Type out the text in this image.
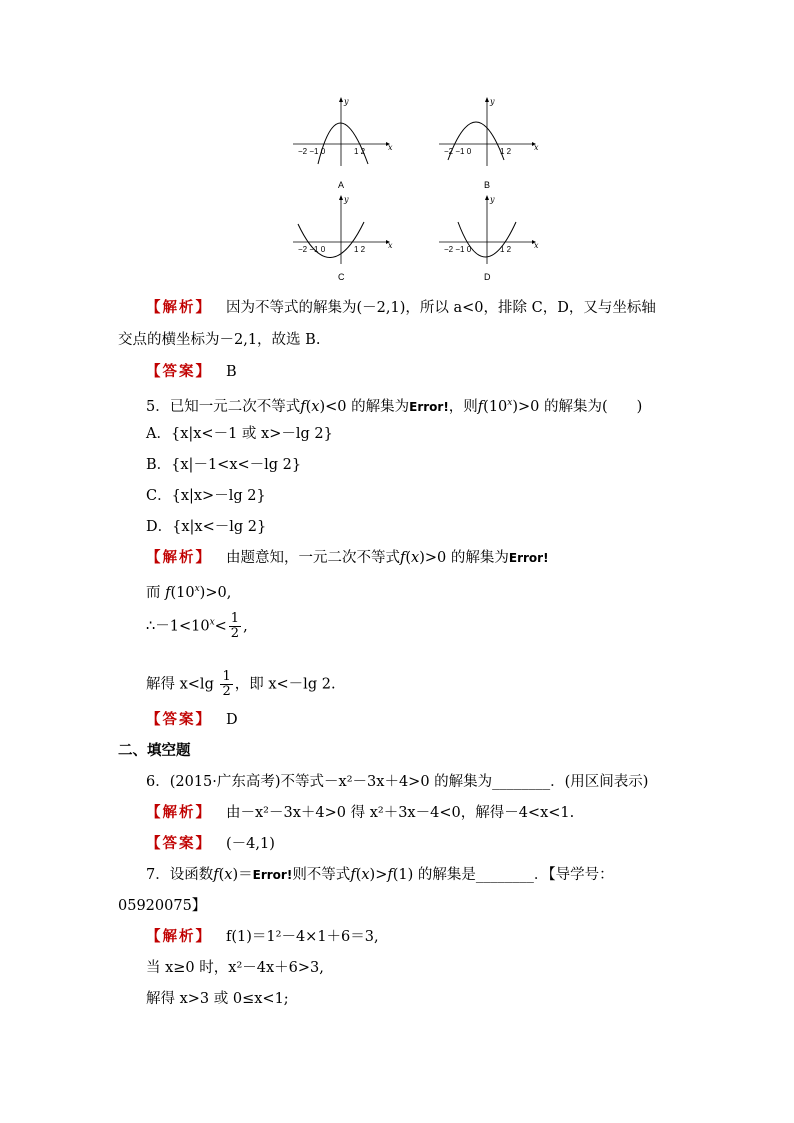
−2 −1 0	1 2	x
y
A
−2 −1 0	1 2	x
y
B
−2 −1 0	1 2	x
y
C
−2 −1 0	1 2	x
y
D
【解析】 因为不等式的解集为(－2,1)，所以 a<0，排除 C，D，又与坐标轴
交点的横坐标为－2,1，故选 B.
【答案】 B
5．已知一元二次不等式f(x)<0 的解集为Error!，则$f(10^x)>0$ 的解集为(　　)
A．{x|x<－1 或 x>－lg 2}
B．{x|－1<x<－lg 2}
C．{x|x>－lg 2}
D．{x|x<－lg 2}
【解析】 由题意知，一元二次不等式f(x)>0 的解集为Error!
而 $f(10^x)>0$,
$\therefore-1<10^x< \frac{1}{2}$ ,
解得 $x<\lg \frac{1}{2}$ ，即 x<－lg 2.
【答案】 D
二、填空题
6．(2015·广东高考)不等式－x²－3x＋4>0 的解集为________．(用区间表示)
【解析】 由－x²－3x＋4>0 得 x²＋3x－4<0，解得－4<x<1.
【答案】 (－4,1)
7．设函数f(x)＝Error!则不等式f(x)>f(1) 的解集是________．【导学号：
05920075】
【解析】 f(1)＝1²－4×1＋6＝3,
当 x≥0 时，x²－4x＋6>3,
解得 x>3 或 0≤x<1;
